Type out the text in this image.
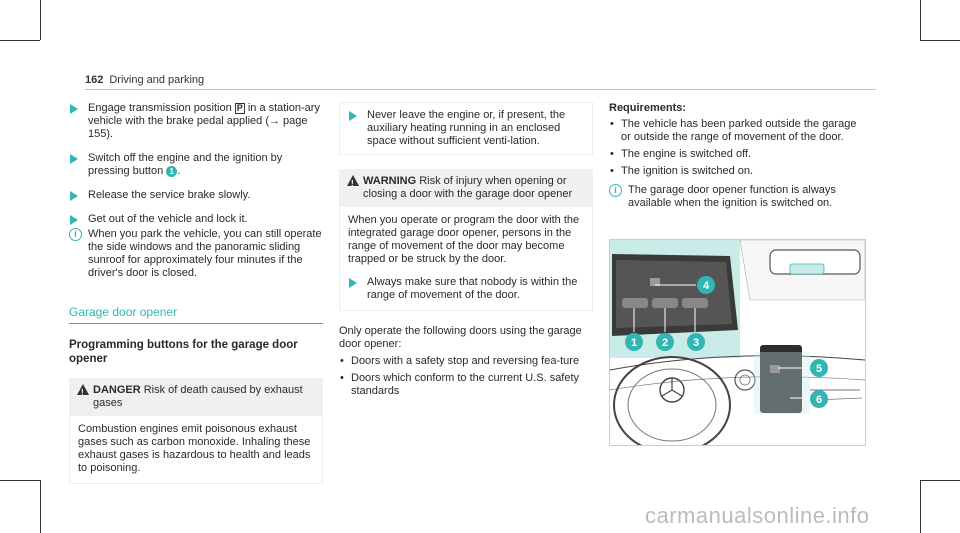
162 Driving and parking
Engage transmission position P in a station-ary vehicle with the brake pedal applied (→ page 155).
Switch off the engine and the ignition by pressing button 1 .
Release the service brake slowly.
Get out of the vehicle and lock it.
i	When you park the vehicle, you can still operate the side windows and the panoramic sliding sunroof for approximately four minutes if the driver's door is closed.
Garage door opener
Programming buttons for the garage door opener
!
DANGER Risk of death caused by exhaust gases
Combustion engines emit poisonous exhaust gases such as carbon monoxide. Inhaling these exhaust gases is hazardous to health and leads to poisoning.
Never leave the engine or, if present, the auxiliary heating running in an enclosed space without sufficient venti-lation.
!
WARNING Risk of injury when opening or closing a door with the garage door opener
When you operate or program the door with the integrated garage door opener, persons in the range of movement of the door may become trapped or be struck by the door.
Always make sure that nobody is within the range of movement of the door.
Only operate the following doors using the garage door opener:
• Doors with a safety stop and reversing fea-ture
• Doors which conform to the current U.S. safety standards
Requirements:
• The vehicle has been parked outside the garage or outside the range of movement of the door.
• The engine is switched off.
• The ignition is switched on.
i	The garage door opener function is always available when the ignition is switched on.
4
1 2 3
5
6
carmanualsonline.info
